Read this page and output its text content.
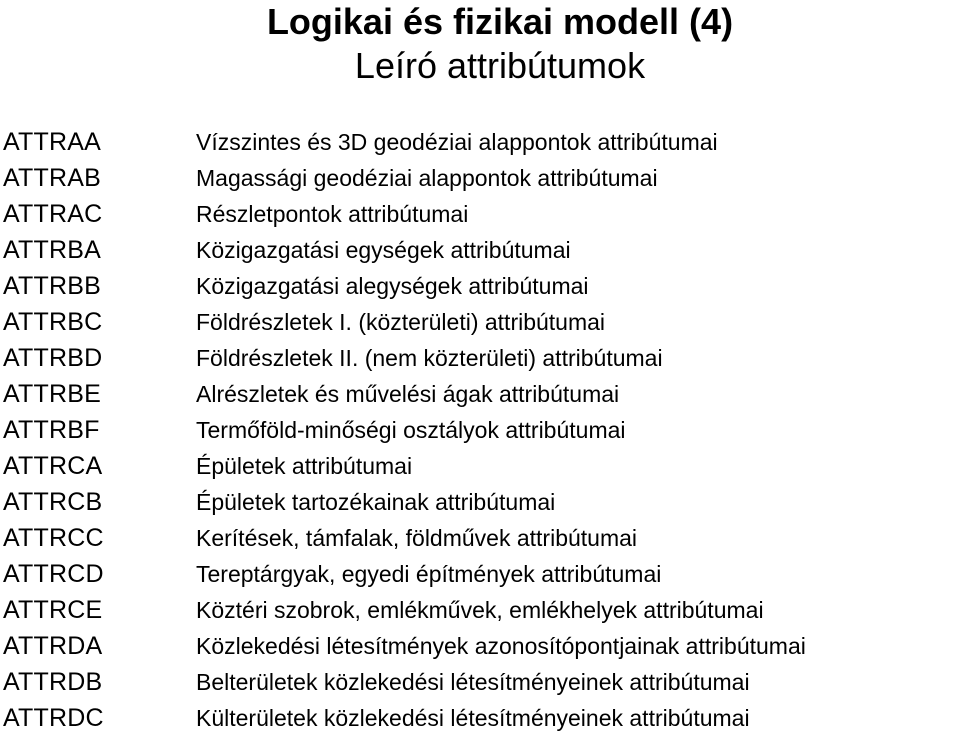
Logikai és fizikai modell (4)
Leíró attribútumok
ATTRAA	Vízszintes és 3D geodéziai alappontok attribútumai
ATTRAB	Magassági geodéziai alappontok attribútumai
ATTRAC	Részletpontok attribútumai
ATTRBA	Közigazgatási egységek attribútumai
ATTRBB	Közigazgatási alegységek attribútumai
ATTRBC	Földrészletek I. (közterületi) attribútumai
ATTRBD	Földrészletek II. (nem közterületi) attribútumai
ATTRBE	Alrészletek és művelési ágak attribútumai
ATTRBF	Termőföld-minőségi osztályok attribútumai
ATTRCA	Épületek attribútumai
ATTRCB	Épületek tartozékainak attribútumai
ATTRCC	Kerítések, támfalak, földművek attribútumai
ATTRCD	Tereptárgyak, egyedi építmények attribútumai
ATTRCE	Köztéri szobrok, emlékművek, emlékhelyek attribútumai
ATTRDA	Közlekedési létesítmények azonosítópontjainak attribútumai
ATTRDB	Belterületek közlekedési létesítményeinek attribútumai
ATTRDC	Külterületek közlekedési létesítményeinek attribútumai
